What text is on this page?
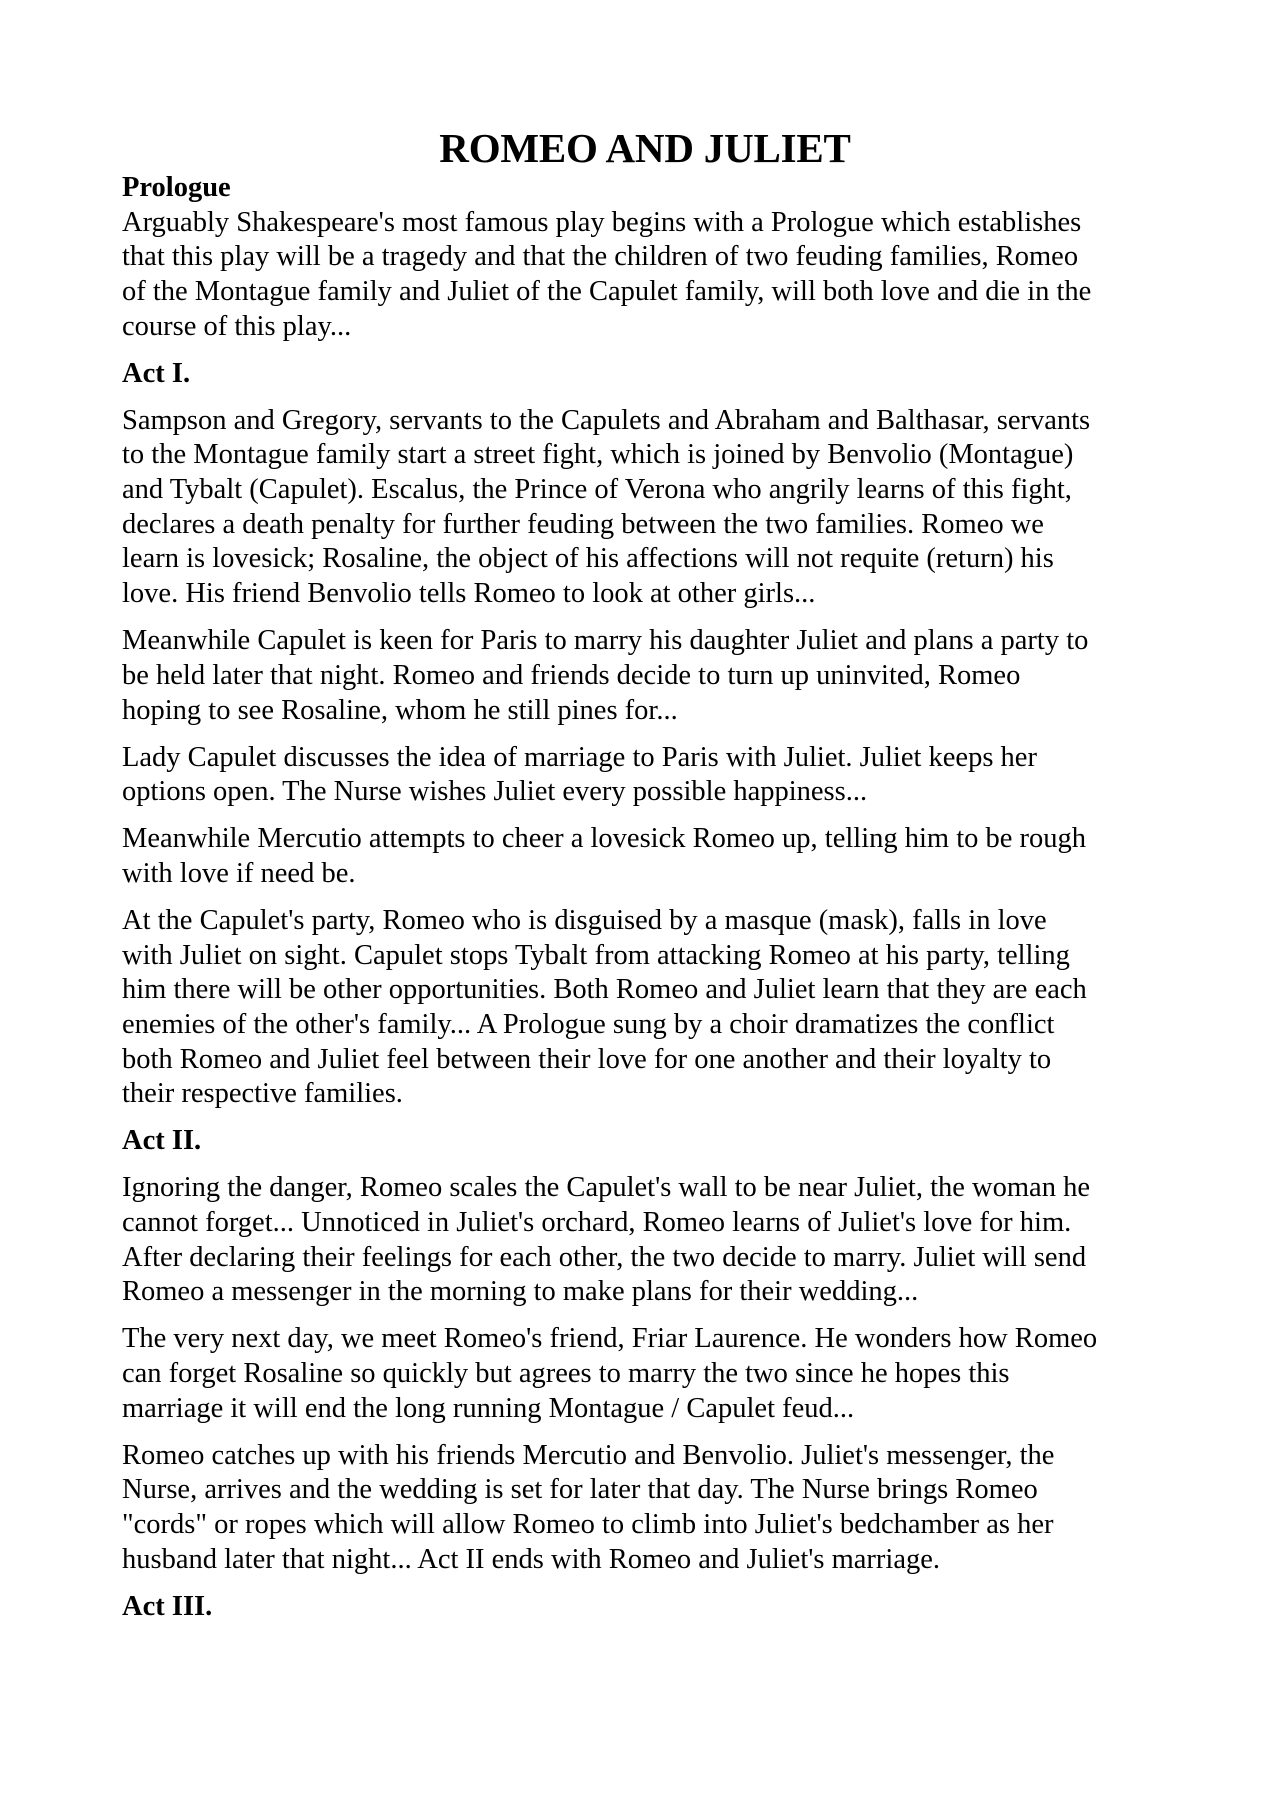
ROMEO AND JULIET
Prologue

Arguably Shakespeare's most famous play begins with a Prologue which establishes
that this play will be a tragedy and that the children of two feuding families, Romeo
of the Montague family and Juliet of the Capulet family, will both love and die in the
course of this play...

Act I.

Sampson and Gregory, servants to the Capulets and Abraham and Balthasar, servants
to the Montague family start a street fight, which is joined by Benvolio (Montague)
and Tybalt (Capulet). Escalus, the Prince of Verona who angrily learns of this fight,
declares a death penalty for further feuding between the two families. Romeo we
learn is lovesick; Rosaline, the object of his affections will not requite (return) his
love. His friend Benvolio tells Romeo to look at other girls...

Meanwhile Capulet is keen for Paris to marry his daughter Juliet and plans a party to
be held later that night. Romeo and friends decide to turn up uninvited, Romeo
hoping to see Rosaline, whom he still pines for...

Lady Capulet discusses the idea of marriage to Paris with Juliet. Juliet keeps her
options open. The Nurse wishes Juliet every possible happiness...

Meanwhile Mercutio attempts to cheer a lovesick Romeo up, telling him to be rough
with love if need be.

At the Capulet's party, Romeo who is disguised by a masque (mask), falls in love
with Juliet on sight. Capulet stops Tybalt from attacking Romeo at his party, telling
him there will be other opportunities. Both Romeo and Juliet learn that they are each
enemies of the other's family... A Prologue sung by a choir dramatizes the conflict
both Romeo and Juliet feel between their love for one another and their loyalty to
their respective families.

Act II.

Ignoring the danger, Romeo scales the Capulet's wall to be near Juliet, the woman he
cannot forget... Unnoticed in Juliet's orchard, Romeo learns of Juliet's love for him.
After declaring their feelings for each other, the two decide to marry. Juliet will send
Romeo a messenger in the morning to make plans for their wedding...

The very next day, we meet Romeo's friend, Friar Laurence. He wonders how Romeo
can forget Rosaline so quickly but agrees to marry the two since he hopes this
marriage it will end the long running Montague / Capulet feud...

Romeo catches up with his friends Mercutio and Benvolio. Juliet's messenger, the
Nurse, arrives and the wedding is set for later that day. The Nurse brings Romeo
"cords" or ropes which will allow Romeo to climb into Juliet's bedchamber as her
husband later that night... Act II ends with Romeo and Juliet's marriage.

Act III.
